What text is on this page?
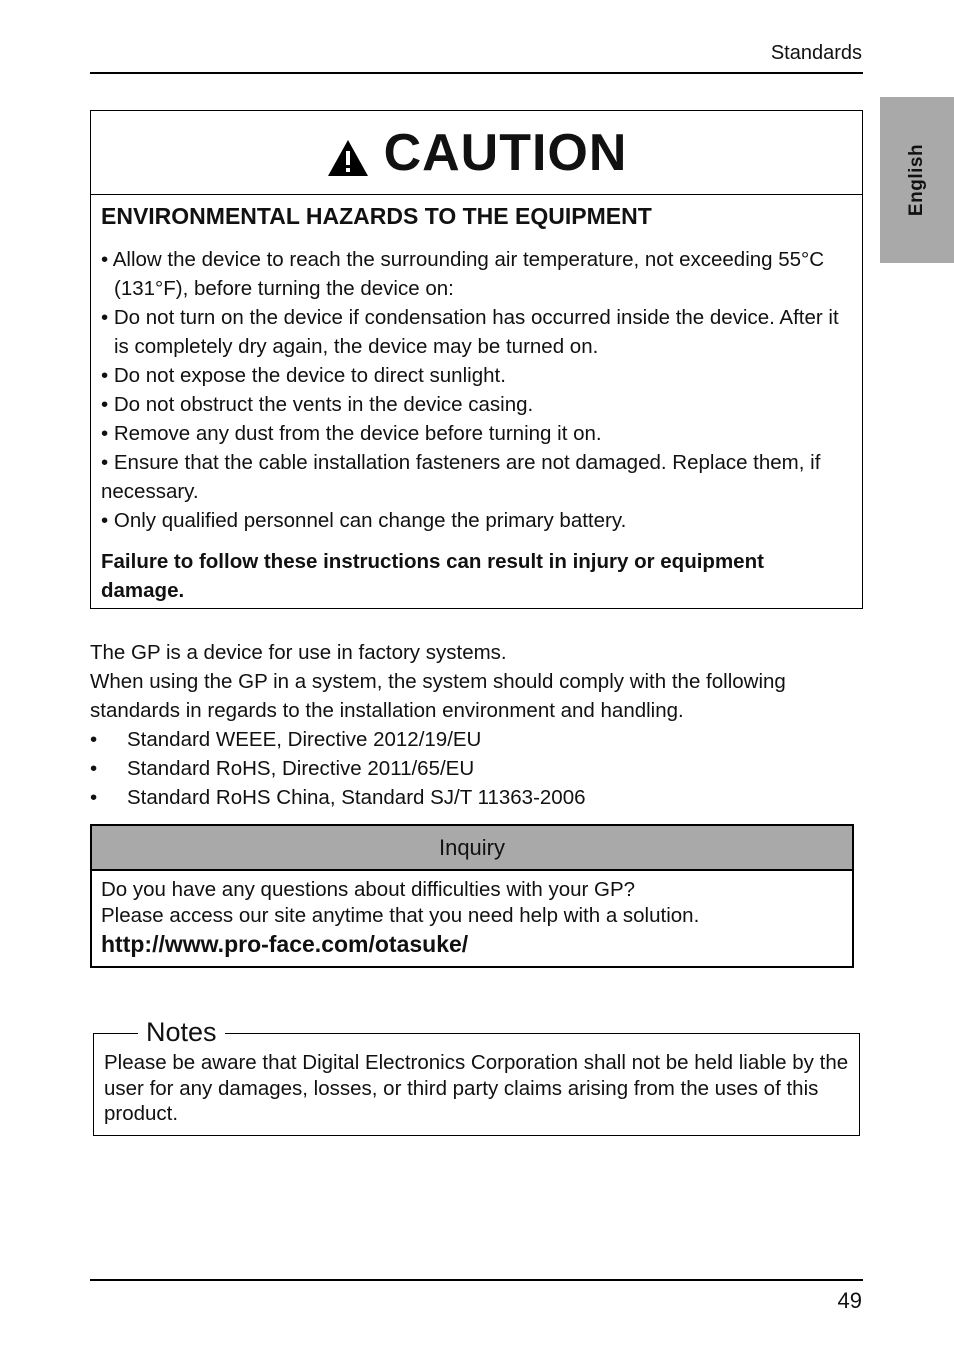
Standards
English
CAUTION
ENVIRONMENTAL HAZARDS TO THE EQUIPMENT
• Allow the device to reach the surrounding air temperature, not exceeding 55°C (131°F), before turning the device on:
• Do not turn on the device if condensation has occurred inside the device. After it is completely dry again, the device may be turned on.
• Do not expose the device to direct sunlight.
• Do not obstruct the vents in the device casing.
• Remove any dust from the device before turning it on.
• Ensure that the cable installation fasteners are not damaged. Replace them, if necessary.
• Only qualified personnel can change the primary battery.
Failure to follow these instructions can result in injury or equipment damage.

The GP is a device for use in factory systems.

When using the GP in a system, the system should comply with the following standards in regards to the installation environment and handling.

•	Standard WEEE, Directive 2012/19/EU
•	Standard RoHS, Directive 2011/65/EU
•	Standard RoHS China, Standard SJ/T 11363-2006
Inquiry
Do you have any questions about difficulties with your GP?
Please access our site anytime that you need help with a solution.
http://www.pro-face.com/otasuke/
Notes
Please be aware that Digital Electronics Corporation shall not be held liable by the user for any damages, losses, or third party claims arising from the uses of this product.
49
